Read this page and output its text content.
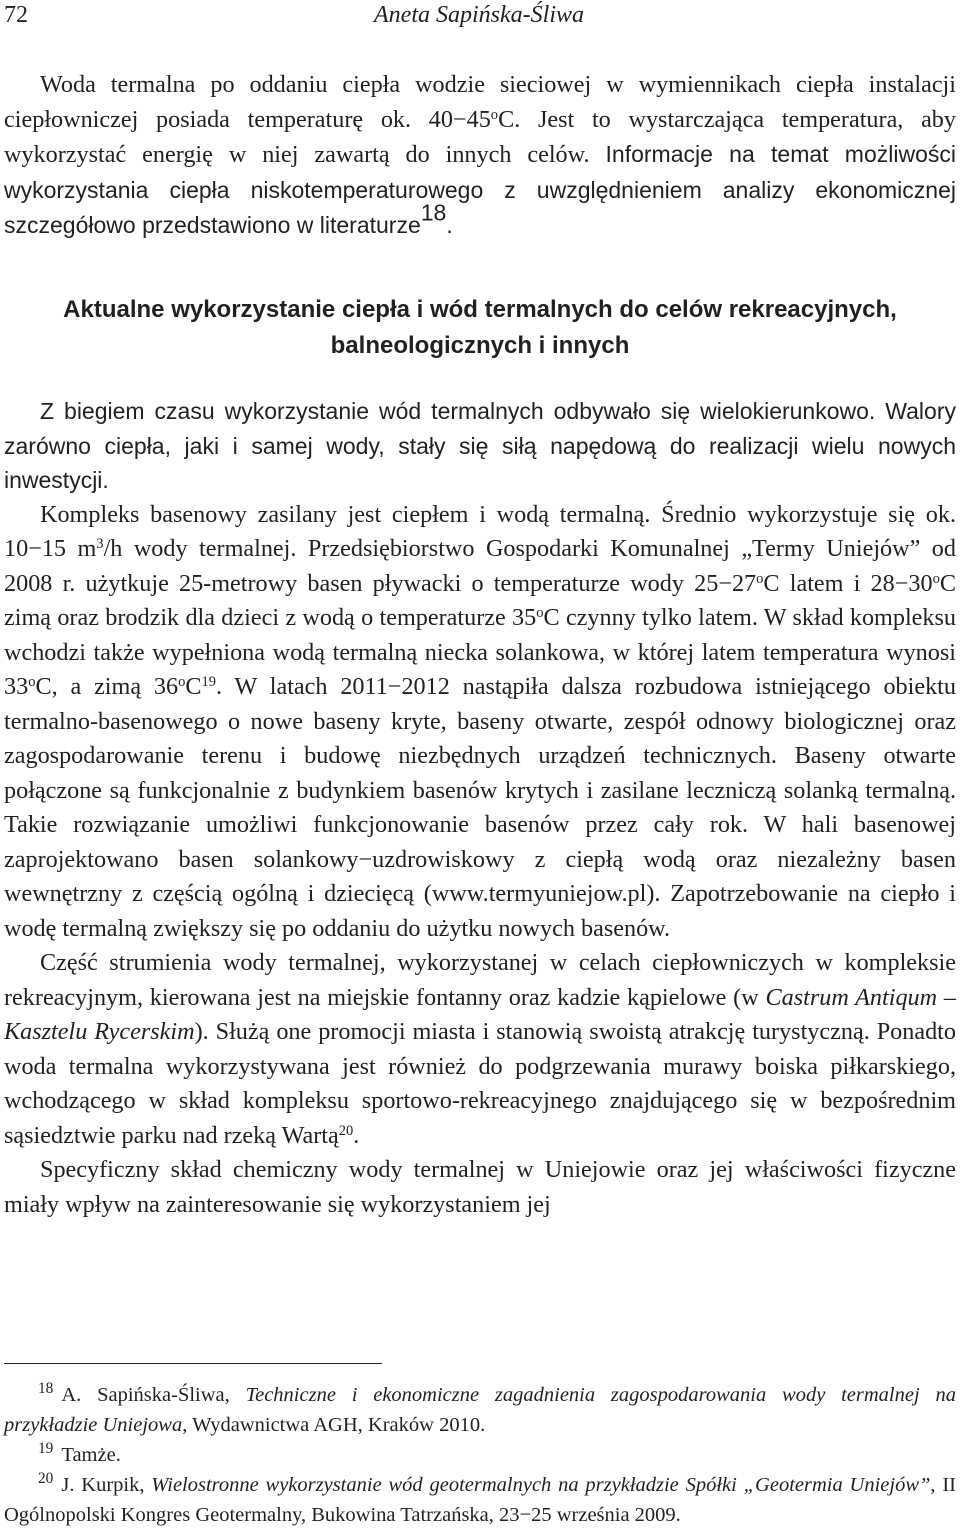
72	Aneta Sapińska-Śliwa

Woda termalna po oddaniu ciepła wodzie sieciowej w wymiennikach ciepła instalacji ciepłowniczej posiada temperaturę ok. $40-45^oC$. Jest to wystarczająca temperatura, aby wykorzystać energię w niej zawartą do innych celów. Informacje na temat możliwości wykorzystania ciepła niskotemperaturowego z uwzględnieniem analizy ekonomicznej szczegółowo przedstawiono w literaturze$^{18}$.

Aktualne wykorzystanie ciepła i wód termalnych do celów rekreacyjnych,
balneologicznych i innych

Z biegiem czasu wykorzystanie wód termalnych odbywało się wielokierunkowo. Walory zarówno ciepła, jaki i samej wody, stały się siłą napędową do realizacji wielu nowych inwestycji.

Kompleks basenowy zasilany jest ciepłem i wodą termalną. Średnio wykorzystuje się ok. 10−15 $m^3/h$ wody termalnej. Przedsiębiorstwo Gospodarki Komunalnej „Termy Uniejów” od 2008 r. użytkuje 25-metrowy basen pływacki o temperaturze wody $25-27^oC$ latem i $28-30^oC$ zimą oraz brodzik dla dzieci z wodą o temperaturze 35$^o$C czynny tylko latem. W skład kompleksu wchodzi także wypełniona wodą termalną niecka solankowa, w której latem temperatura wynosi 33$^o$C, a zimą $36^oC^{19}$. W latach 2011−2012 nastąpiła dalsza rozbudowa istniejącego obiektu termalno-basenowego o nowe baseny kryte, baseny otwarte, zespół odnowy biologicznej oraz zagospodarowanie terenu i budowę niezbędnych urządzeń technicznych. Baseny otwarte połączone są funkcjonalnie z budynkiem basenów krytych i zasilane leczniczą solanką termalną. Takie rozwiązanie umożliwi funkcjonowanie basenów przez cały rok. W hali basenowej zaprojektowano basen solankowy−uzdrowiskowy z ciepłą wodą oraz niezależny basen wewnętrzny z częścią ogólną i dziecięcą (www.termyuniejow.pl). Zapotrzebowanie na ciepło i wodę termalną zwiększy się po oddaniu do użytku nowych basenów.

Część strumienia wody termalnej, wykorzystanej w celach ciepłowniczych w kompleksie rekreacyjnym, kierowana jest na miejskie fontanny oraz kadzie kąpielowe (w Castrum Antiqum – Kasztelu Rycerskim). Służą one promocji miasta i stanowią swoistą atrakcję turystyczną. Ponadto woda termalna wykorzystywana jest również do podgrzewania murawy boiska piłkarskiego, wchodzącego w skład kompleksu sportowo-rekreacyjnego znajdującego się w bezpośrednim sąsiedztwie parku nad rzeką Wartą$^{20}$.

Specyficzny skład chemiczny wody termalnej w Uniejowie oraz jej właściwości fizyczne miały wpływ na zainteresowanie się wykorzystaniem jej

$^{18}$ A. Sapińska-Śliwa, Techniczne i ekonomiczne zagadnienia zagospodarowania wody termalnej na przykładzie Uniejowa, Wydawnictwa AGH, Kraków 2010.

$^{19}$ Tamże.

$^{20}$ J. Kurpik, Wielostronne wykorzystanie wód geotermalnych na przykładzie Spółki „Geotermia Uniejów”, II Ogólnopolski Kongres Geotermalny, Bukowina Tatrzańska, 23−25 września 2009.
